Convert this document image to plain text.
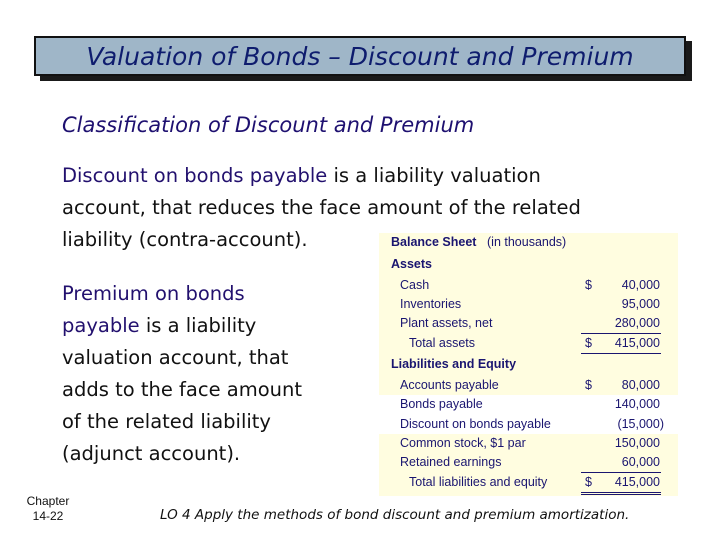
Valuation of Bonds – Discount and Premium
Classification of Discount and Premium
Discount on bonds payable is a liability valuation
account, that reduces the face amount of the related
liability (contra-account).
Premium on bonds
payable is a liability
valuation account, that
adds to the face amount
of the related liability
(adjunct account).
Balance Sheet (in thousands)
Assets
Cash	$ 40,000
Inventories	95,000
Plant assets, net	280,000
Total assets	$ 415,000
Liabilities and Equity
Accounts payable	$ 80,000
Bonds payable	140,000
Discount on bonds payable	(15,000)
Common stock, $1 par	150,000
Retained earnings	60,000
Total liabilities and equity	$ 415,000
Chapter
14-22	LO 4 Apply the methods of bond discount and premium amortization.
